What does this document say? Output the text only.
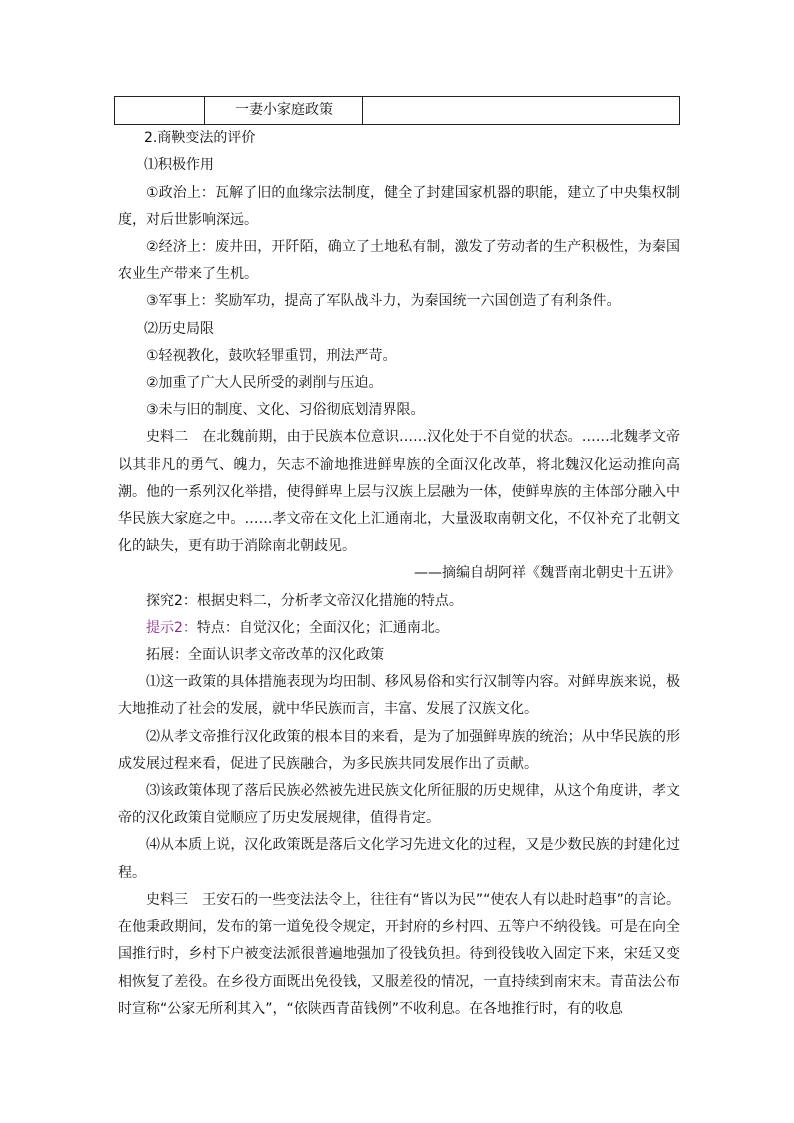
	一妻小家庭政策	

2.商鞅变法的评价

⑴积极作用

①政治上：瓦解了旧的血缘宗法制度，健全了封建国家机器的职能，建立了中央集权制度，对后世影响深远。

②经济上：废井田，开阡陌，确立了土地私有制，激发了劳动者的生产积极性，为秦国农业生产带来了生机。

③军事上：奖励军功，提高了军队战斗力，为秦国统一六国创造了有利条件。

⑵历史局限

①轻视教化，鼓吹轻罪重罚，刑法严苛。

②加重了广大人民所受的剥削与压迫。

③未与旧的制度、文化、习俗彻底划清界限。

史料二　在北魏前期，由于民族本位意识……汉化处于不自觉的状态。……北魏孝文帝以其非凡的勇气、魄力，矢志不渝地推进鲜卑族的全面汉化改革，将北魏汉化运动推向高潮。他的一系列汉化举措，使得鲜卑上层与汉族上层融为一体，使鲜卑族的主体部分融入中华民族大家庭之中。……孝文帝在文化上汇通南北，大量汲取南朝文化，不仅补充了北朝文化的缺失，更有助于消除南北朝歧见。

——摘编自胡阿祥《魏晋南北朝史十五讲》

探究2：根据史料二，分析孝文帝汉化措施的特点。

提示2：特点：自觉汉化；全面汉化；汇通南北。

拓展：全面认识孝文帝改革的汉化政策

⑴这一政策的具体措施表现为均田制、移风易俗和实行汉制等内容。对鲜卑族来说，极大地推动了社会的发展，就中华民族而言，丰富、发展了汉族文化。

⑵从孝文帝推行汉化政策的根本目的来看，是为了加强鲜卑族的统治；从中华民族的形成发展过程来看，促进了民族融合，为多民族共同发展作出了贡献。

⑶该政策体现了落后民族必然被先进民族文化所征服的历史规律，从这个角度讲，孝文帝的汉化政策自觉顺应了历史发展规律，值得肯定。

⑷从本质上说，汉化政策既是落后文化学习先进文化的过程，又是少数民族的封建化过程。

史料三　王安石的一些变法法令上，往往有“皆以为民”“使农人有以赴时趋事”的言论。在他秉政期间，发布的第一道免役令规定，开封府的乡村四、五等户不纳役钱。可是在向全国推行时，乡村下户被变法派很普遍地强加了役钱负担。待到役钱收入固定下来，宋廷又变相恢复了差役。在乡役方面既出免役钱，又服差役的情况，一直持续到南宋末。青苗法公布时宣称“公家无所利其入”，“依陕西青苗钱例”不收利息。在各地推行时，有的收息
